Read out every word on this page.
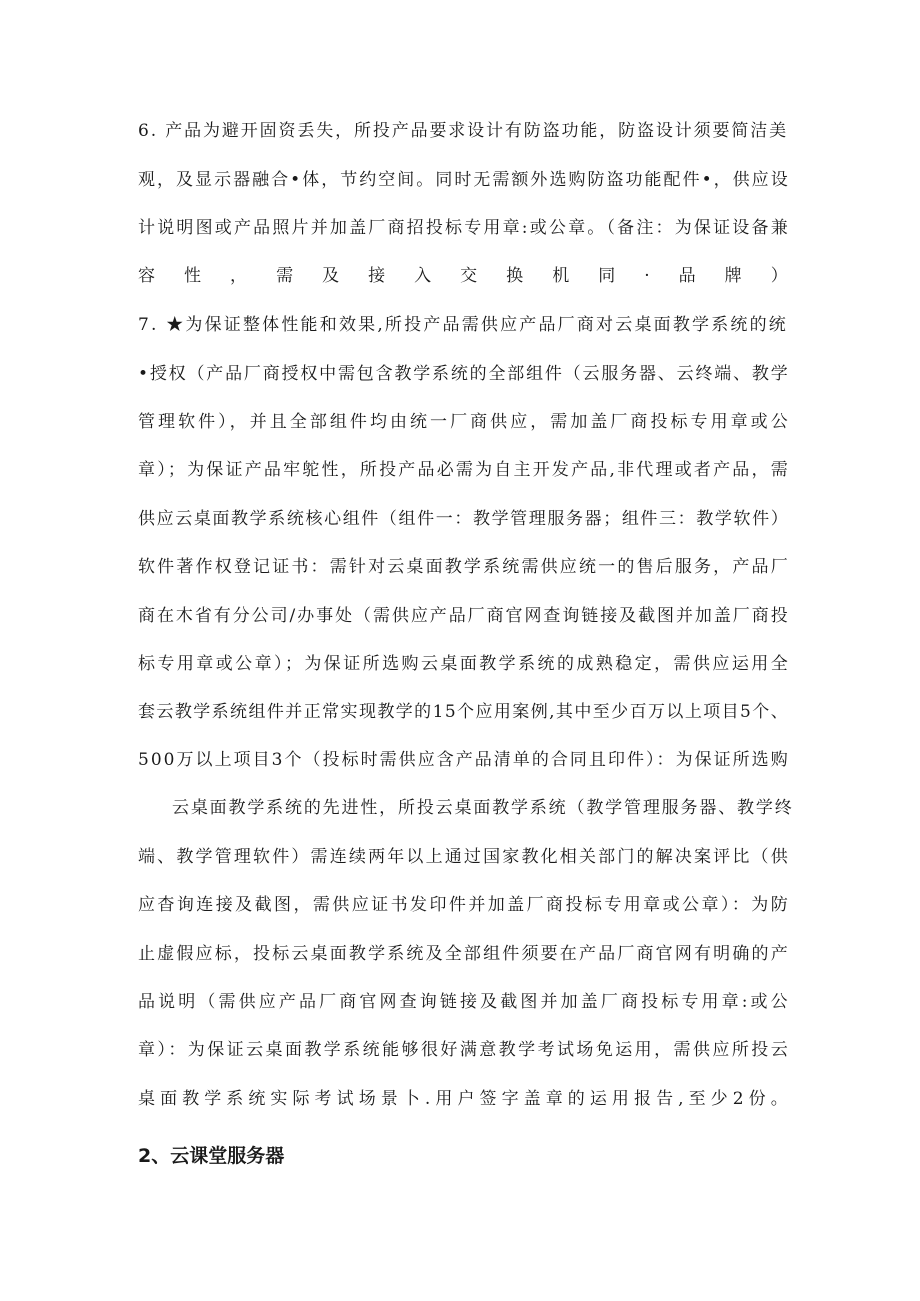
6. 产品为避开固资丢失，所投产品要求设计有防盗功能，防盗设计须要简洁美
观，及显示器融合•体，节约空间。同时无需额外选购防盗功能配件•，供应设
计说明图或产品照片并加盖厂商招投标专用章:或公章。（备注：为保证设备兼
容性，需及接入交换机同·品牌）
7. ★为保证整体性能和效果,所投产品需供应产品厂商对云桌面教学系统的统
•授权（产品厂商授权中需包含教学系统的全部组件（云服务器、云终端、教学
管理软件），并且全部组件均由统一厂商供应，需加盖厂商投标专用章或公
章）；为保证产品牢鸵性，所投产品必需为自主开发产品,非代理或者产品，需
供应云桌面教学系统核心组件（组件一：教学管理服务器；组件三：教学软件）
软件著作权登记证书：需针对云桌面教学系统需供应统一的售后服务，产品厂
商在木省有分公司/办事处（需供应产品厂商官网查询链接及截图并加盖厂商投
标专用章或公章）；为保证所选购云桌面教学系统的成熟稳定，需供应运用全
套云教学系统组件并正常实现教学的15个应用案例,其中至少百万以上项目5个、
500万以上项目3个（投标时需供应含产品清单的合同且印件）：为保证所选购
云桌面教学系统的先进性，所投云桌面教学系统（教学管理服务器、教学终
端、教学管理软件）需连续两年以上通过国家教化相关部门的解决案评比（供
应杳询连接及截图，需供应证书发印件并加盖厂商投标专用章或公章）：为防
止虚假应标，投标云桌面教学系统及全部组件须要在产品厂商官网有明确的产
品说明（需供应产品厂商官网查询链接及截图并加盖厂商投标专用章:或公
章）：为保证云桌面教学系统能够很好满意教学考试场免运用，需供应所投云
桌面教学系统实际考试场景卜.用户签字盖章的运用报告,至少2份。
2、云课堂服务器
